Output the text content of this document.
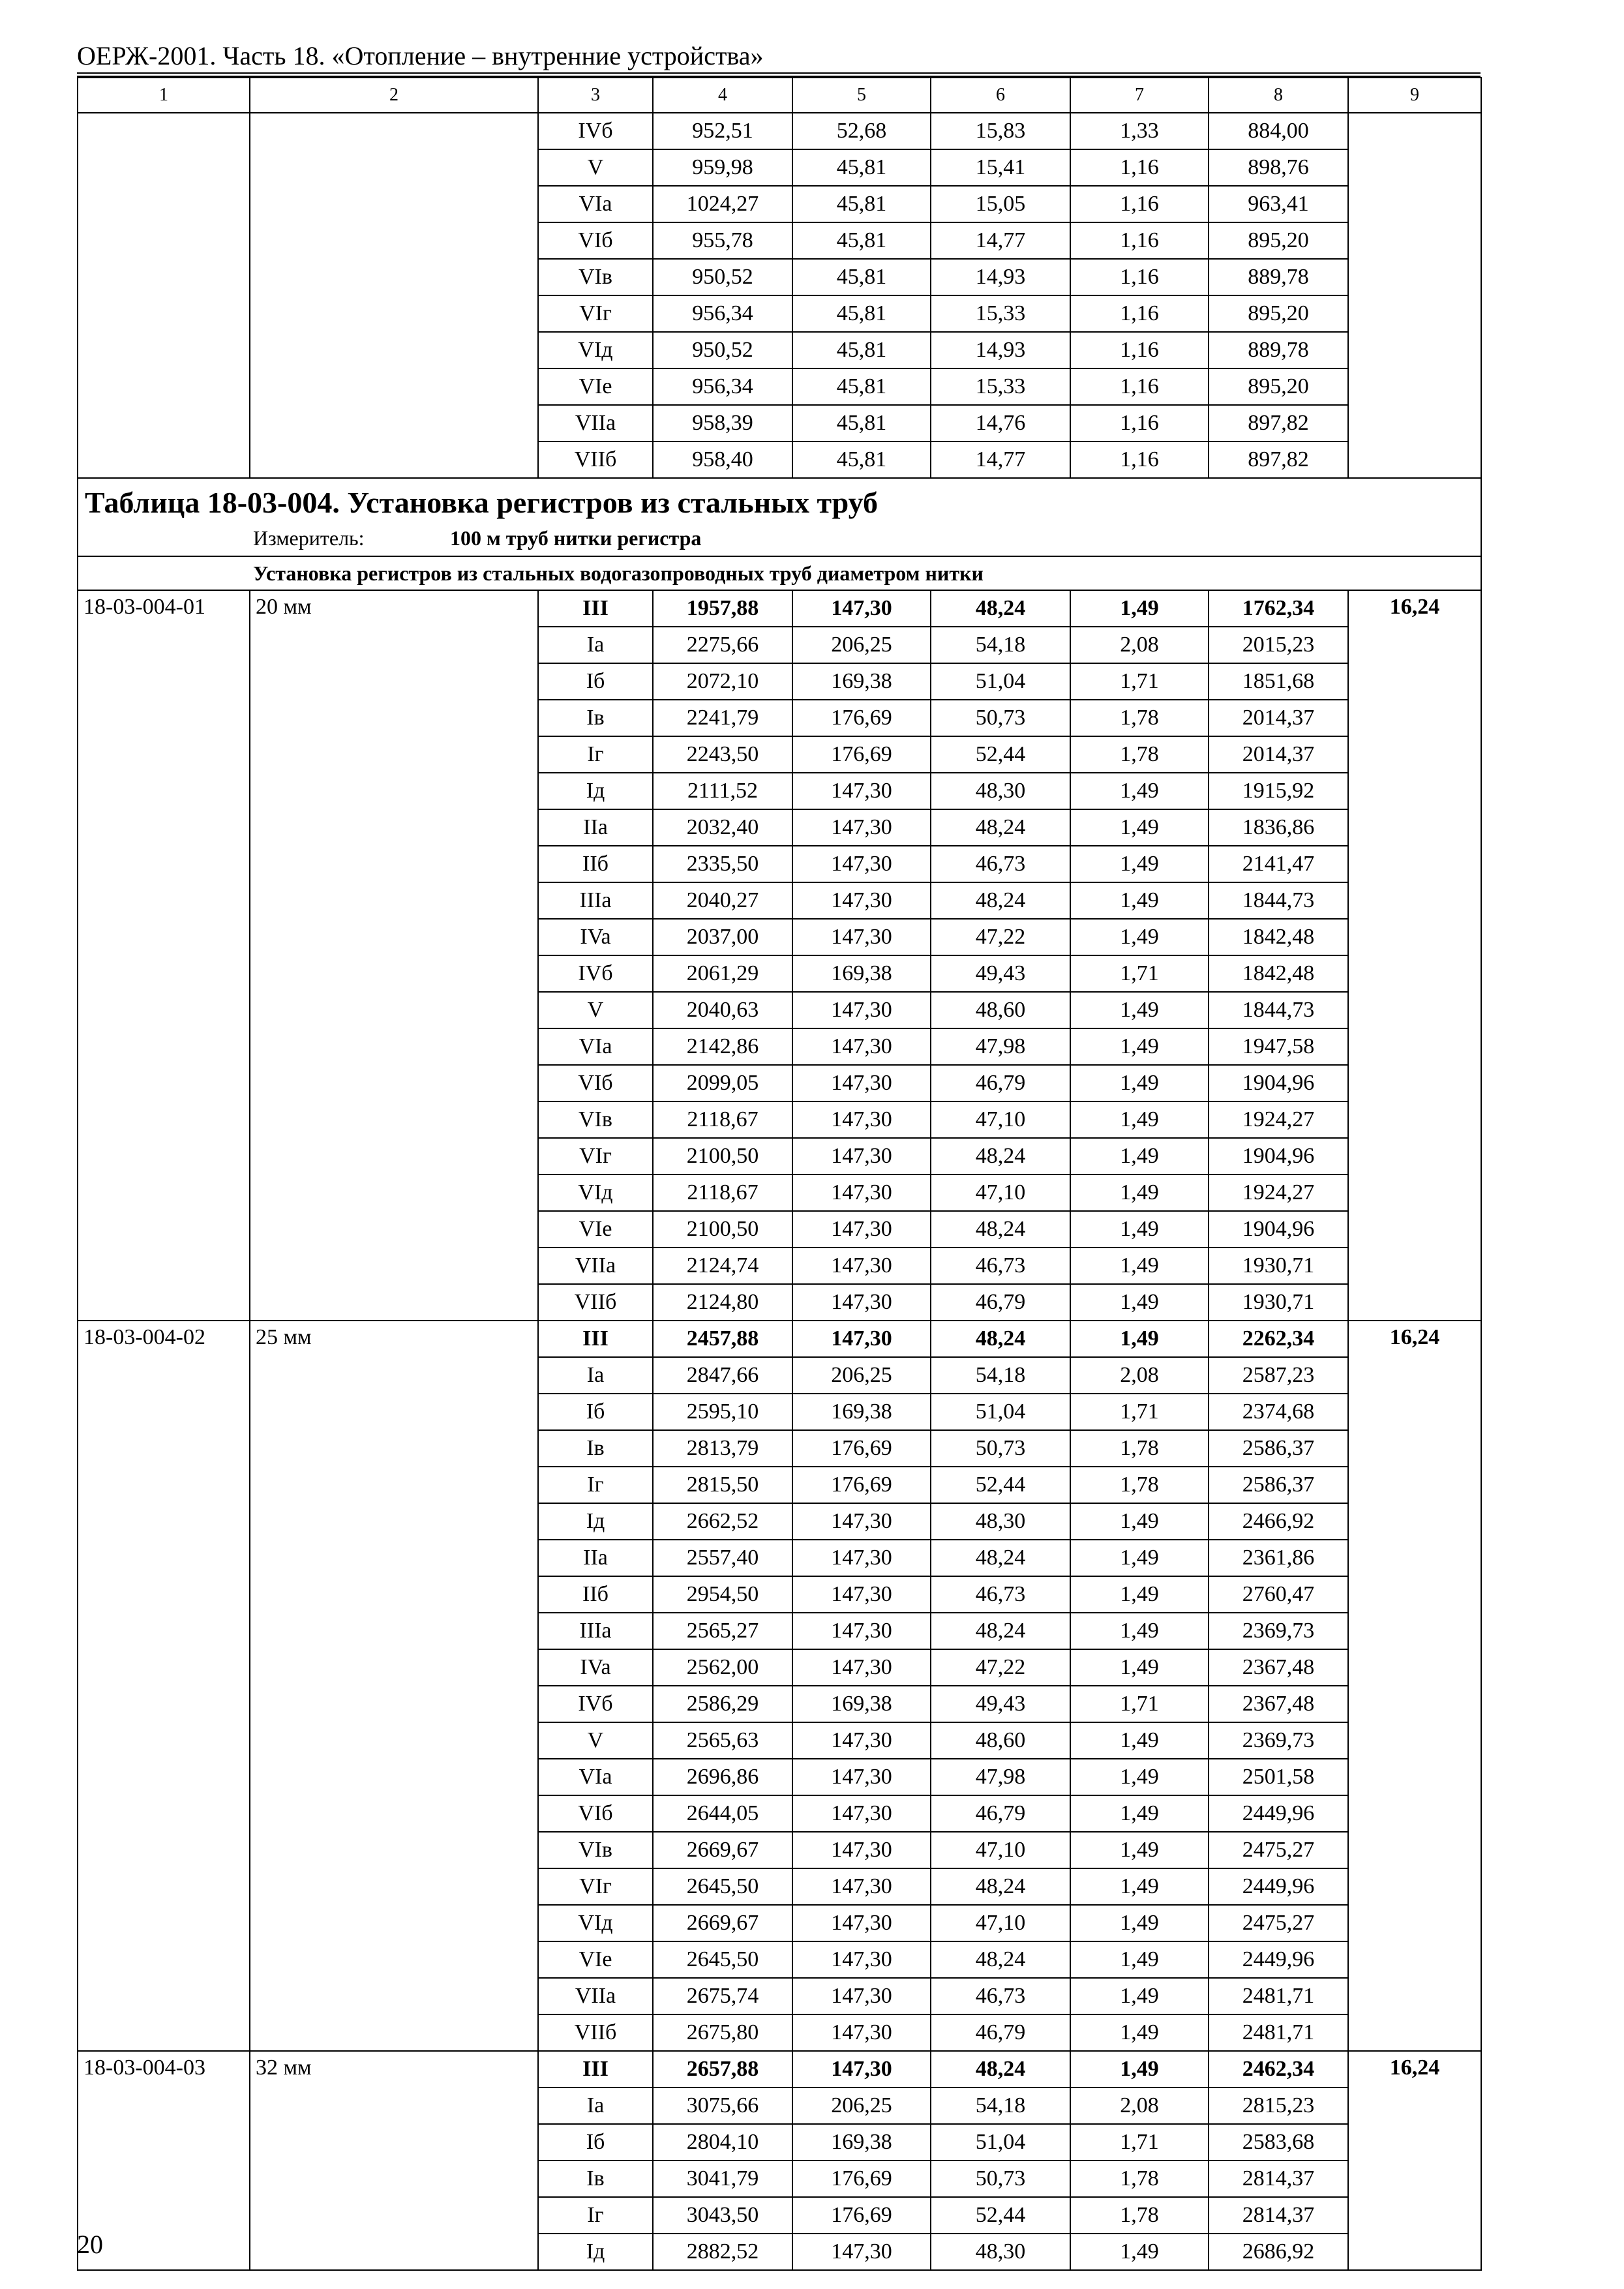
ОЕРЖ-2001. Часть 18. «Отопление – внутренние устройства»
1	2	3	4	5	6	7	8	9
		IVб	952,51	52,68	15,83	1,33	884,00	
		V	959,98	45,81	15,41	1,16	898,76	
		VIa	1024,27	45,81	15,05	1,16	963,41	
		VIб	955,78	45,81	14,77	1,16	895,20	
		VIв	950,52	45,81	14,93	1,16	889,78	
		VIг	956,34	45,81	15,33	1,16	895,20	
		VIд	950,52	45,81	14,93	1,16	889,78	
		VIe	956,34	45,81	15,33	1,16	895,20	
		VIIa	958,39	45,81	14,76	1,16	897,82	
		VIIб	958,40	45,81	14,77	1,16	897,82	

Таблица 18-03-004. Установка регистров из стальных труб
Измеритель: 100 м труб нитки регистра								

Установка регистров из стальных водогазопроводных труб диаметром нитки								
18-03-004-01	20 мм	III	1957,88	147,30	48,24	1,49	1762,34	16,24
		Ia	2275,66	206,25	54,18	2,08	2015,23	
		Iб	2072,10	169,38	51,04	1,71	1851,68	
		Iв	2241,79	176,69	50,73	1,78	2014,37	
		Iг	2243,50	176,69	52,44	1,78	2014,37	
		Iд	2111,52	147,30	48,30	1,49	1915,92	
		IIa	2032,40	147,30	48,24	1,49	1836,86	
		IIб	2335,50	147,30	46,73	1,49	2141,47	
		IIIa	2040,27	147,30	48,24	1,49	1844,73	
		IVa	2037,00	147,30	47,22	1,49	1842,48	
		IVб	2061,29	169,38	49,43	1,71	1842,48	
		V	2040,63	147,30	48,60	1,49	1844,73	
		VIa	2142,86	147,30	47,98	1,49	1947,58	
		VIб	2099,05	147,30	46,79	1,49	1904,96	
		VIв	2118,67	147,30	47,10	1,49	1924,27	
		VIг	2100,50	147,30	48,24	1,49	1904,96	
		VIд	2118,67	147,30	47,10	1,49	1924,27	
		VIe	2100,50	147,30	48,24	1,49	1904,96	
		VIIa	2124,74	147,30	46,73	1,49	1930,71	
		VIIб	2124,80	147,30	46,79	1,49	1930,71	
18-03-004-02	25 мм	III	2457,88	147,30	48,24	1,49	2262,34	16,24
		Ia	2847,66	206,25	54,18	2,08	2587,23	
		Iб	2595,10	169,38	51,04	1,71	2374,68	
		Iв	2813,79	176,69	50,73	1,78	2586,37	
		Iг	2815,50	176,69	52,44	1,78	2586,37	
		Iд	2662,52	147,30	48,30	1,49	2466,92	
		IIa	2557,40	147,30	48,24	1,49	2361,86	
		IIб	2954,50	147,30	46,73	1,49	2760,47	
		IIIa	2565,27	147,30	48,24	1,49	2369,73	
		IVa	2562,00	147,30	47,22	1,49	2367,48	
		IVб	2586,29	169,38	49,43	1,71	2367,48	
		V	2565,63	147,30	48,60	1,49	2369,73	
		VIa	2696,86	147,30	47,98	1,49	2501,58	
		VIб	2644,05	147,30	46,79	1,49	2449,96	
		VIв	2669,67	147,30	47,10	1,49	2475,27	
		VIг	2645,50	147,30	48,24	1,49	2449,96	
		VIд	2669,67	147,30	47,10	1,49	2475,27	
		VIe	2645,50	147,30	48,24	1,49	2449,96	
		VIIa	2675,74	147,30	46,73	1,49	2481,71	
		VIIб	2675,80	147,30	46,79	1,49	2481,71	
18-03-004-03	32 мм	III	2657,88	147,30	48,24	1,49	2462,34	16,24
		Ia	3075,66	206,25	54,18	2,08	2815,23	
		Iб	2804,10	169,38	51,04	1,71	2583,68	
		Iв	3041,79	176,69	50,73	1,78	2814,37	
		Iг	3043,50	176,69	52,44	1,78	2814,37	
		Iд	2882,52	147,30	48,30	1,49	2686,92	
20
